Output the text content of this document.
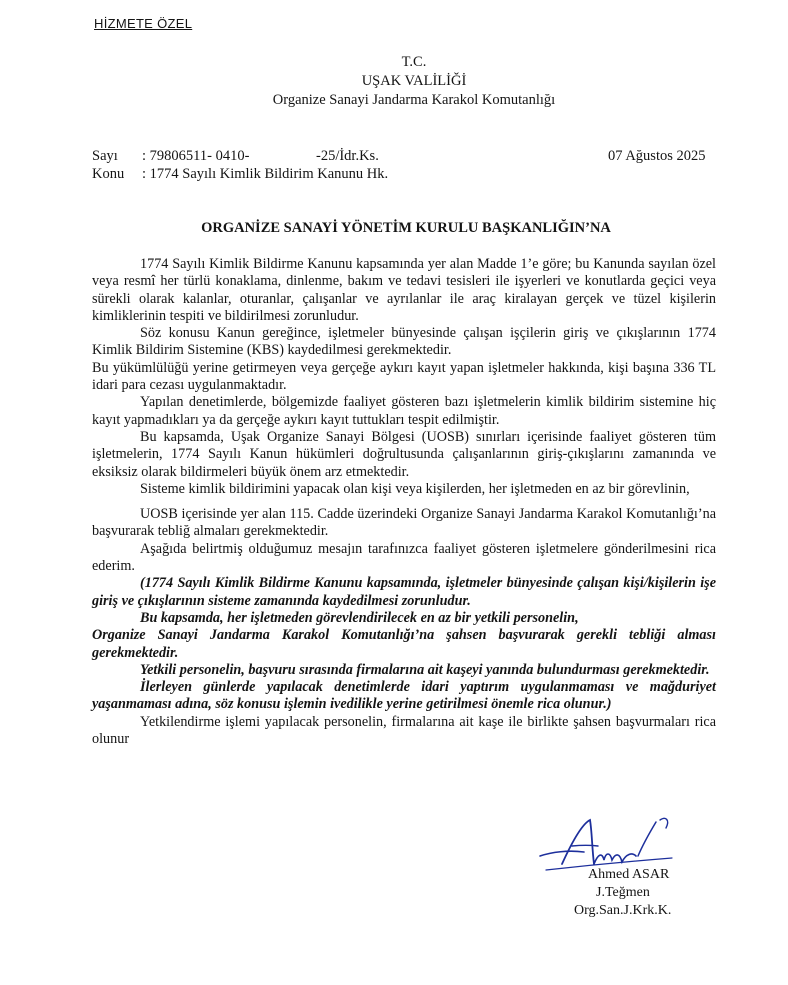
HİZMETE ÖZEL
T.C.
UŞAK VALİLİĞİ
Organize Sanayi Jandarma Karakol Komutanlığı
Sayı : 79806511- 0410-	-25/İdr.Ks.	07 Ağustos 2025
Konu : 1774 Sayılı Kimlik Bildirim Kanunu Hk.
ORGANİZE SANAYİ YÖNETİM KURULU BAŞKANLIĞIN’NA

1774 Sayılı Kimlik Bildirme Kanunu kapsamında yer alan Madde 1’e göre; bu Kanunda sayılan özel veya resmî her türlü konaklama, dinlenme, bakım ve tedavi tesisleri ile işyerleri ve konutlarda geçici veya sürekli olarak kalanlar, oturanlar, çalışanlar ve ayrılanlar ile araç kiralayan gerçek ve tüzel kişilerin kimliklerinin tespiti ve bildirilmesi zorunludur.

Söz konusu Kanun gereğince, işletmeler bünyesinde çalışan işçilerin giriş ve çıkışlarının 1774 Kimlik Bildirim Sistemine (KBS) kaydedilmesi gerekmektedir.

Bu yükümlülüğü yerine getirmeyen veya gerçeğe aykırı kayıt yapan işletmeler hakkında, kişi başına 336 TL idari para cezası uygulanmaktadır.

Yapılan denetimlerde, bölgemizde faaliyet gösteren bazı işletmelerin kimlik bildirim sistemine hiç kayıt yapmadıkları ya da gerçeğe aykırı kayıt tuttukları tespit edilmiştir.

Bu kapsamda, Uşak Organize Sanayi Bölgesi (UOSB) sınırları içerisinde faaliyet gösteren tüm işletmelerin, 1774 Sayılı Kanun hükümleri doğrultusunda çalışanlarının giriş-çıkışlarını zamanında ve eksiksiz olarak bildirmeleri büyük önem arz etmektedir.

Sisteme kimlik bildirimini yapacak olan kişi veya kişilerden, her işletmeden en az bir görevlinin,

UOSB içerisinde yer alan 115. Cadde üzerindeki Organize Sanayi Jandarma Karakol Komutanlığı’na başvurarak tebliğ almaları gerekmektedir.

Aşağıda belirtmiş olduğumuz mesajın tarafınızca faaliyet gösteren işletmelere gönderilmesini rica ederim.

(1774 Sayılı Kimlik Bildirme Kanunu kapsamında, işletmeler bünyesinde çalışan kişi/kişilerin işe giriş ve çıkışlarının sisteme zamanında kaydedilmesi zorunludur.

Bu kapsamda, her işletmeden görevlendirilecek en az bir yetkili personelin,

Organize Sanayi Jandarma Karakol Komutanlığı’na şahsen başvurarak gerekli tebliği alması gerekmektedir.

Yetkili personelin, başvuru sırasında firmalarına ait kaşeyi yanında bulundurması gerekmektedir.

İlerleyen günlerde yapılacak denetimlerde idari yaptırım uygulanmaması ve mağduriyet yaşanmaması adına, söz konusu işlemin ivedilikle yerine getirilmesi önemle rica olunur.)

Yetkilendirme işlemi yapılacak personelin, firmalarına ait kaşe ile birlikte şahsen başvurmaları rica olunur

Ahmed ASAR
J.Teğmen
Org.San.J.Krk.K.
